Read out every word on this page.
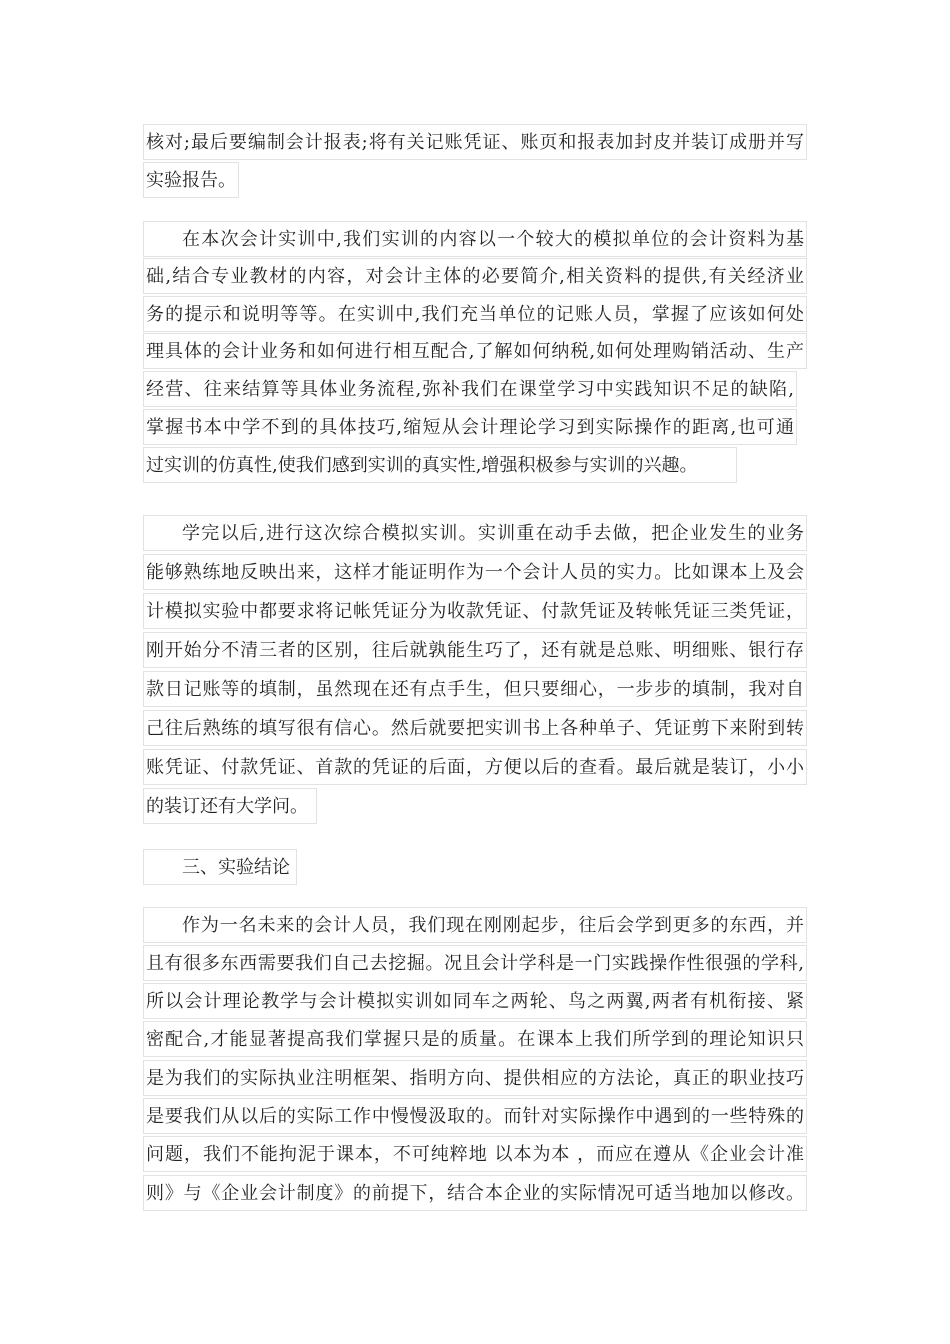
核对;最后要编制会计报表;将有关记账凭证、账页和报表加封皮并装订成册并写
实验报告。
在本次会计实训中,我们实训的内容以一个较大的模拟单位的会计资料为基
础,结合专业教材的内容，对会计主体的必要简介,相关资料的提供,有关经济业
务的提示和说明等等。在实训中,我们充当单位的记账人员，掌握了应该如何处
理具体的会计业务和如何进行相互配合,了解如何纳税,如何处理购销活动、生产
经营、往来结算等具体业务流程,弥补我们在课堂学习中实践知识不足的缺陷,
掌握书本中学不到的具体技巧,缩短从会计理论学习到实际操作的距离,也可通
过实训的仿真性,使我们感到实训的真实性,增强积极参与实训的兴趣。
学完以后,进行这次综合模拟实训。实训重在动手去做，把企业发生的业务
能够熟练地反映出来，这样才能证明作为一个会计人员的实力。比如课本上及会
计模拟实验中都要求将记帐凭证分为收款凭证、付款凭证及转帐凭证三类凭证，
刚开始分不清三者的区别，往后就孰能生巧了，还有就是总账、明细账、银行存
款日记账等的填制，虽然现在还有点手生，但只要细心，一步步的填制，我对自
己往后熟练的填写很有信心。然后就要把实训书上各种单子、凭证剪下来附到转
账凭证、付款凭证、首款的凭证的后面，方便以后的查看。最后就是装订，小小
的装订还有大学问。
三、实验结论
作为一名未来的会计人员，我们现在刚刚起步，往后会学到更多的东西，并
且有很多东西需要我们自己去挖掘。况且会计学科是一门实践操作性很强的学科,
所以会计理论教学与会计模拟实训如同车之两轮、鸟之两翼,两者有机衔接、紧
密配合,才能显著提高我们掌握只是的质量。在课本上我们所学到的理论知识只
是为我们的实际执业注明框架、指明方向、提供相应的方法论，真正的职业技巧
是要我们从以后的实际工作中慢慢汲取的。而针对实际操作中遇到的一些特殊的
问题，我们不能拘泥于课本，不可纯粹地 以本为本 ，而应在遵从《企业会计准
则》与《企业会计制度》的前提下，结合本企业的实际情况可适当地加以修改。
